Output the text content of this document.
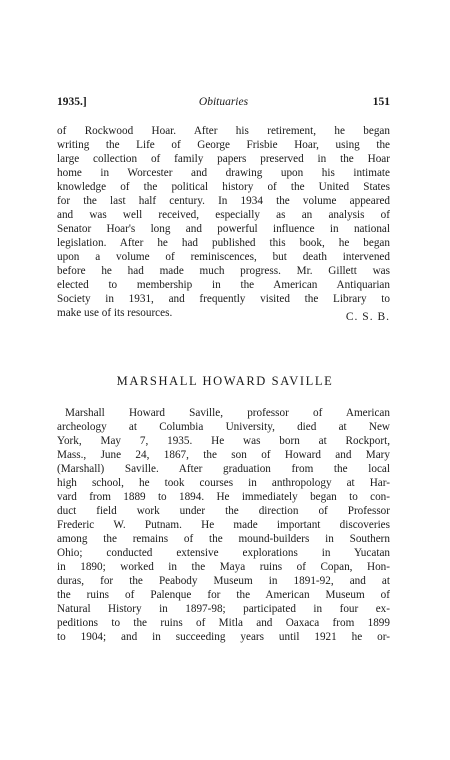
1935.]	Obituaries	151
of Rockwood Hoar. After his retirement, he began
writing the Life of George Frisbie Hoar, using the
large collection of family papers preserved in the Hoar
home in Worcester and drawing upon his intimate
knowledge of the political history of the United States
for the last half century. In 1934 the volume appeared
and was well received, especially as an analysis of
Senator Hoar's long and powerful influence in national
legislation. After he had published this book, he began
upon a volume of reminiscences, but death intervened
before he had made much progress. Mr. Gillett was
elected to membership in the American Antiquarian
Society in 1931, and frequently visited the Library to
make use of its resources.	C. S. B.
MARSHALL HOWARD SAVILLE
Marshall Howard Saville, professor of American
archeology at Columbia University, died at New
York, May 7, 1935. He was born at Rockport,
Mass., June 24, 1867, the son of Howard and Mary
(Marshall) Saville. After graduation from the local
high school, he took courses in anthropology at Har-
vard from 1889 to 1894. He immediately began to con-
duct field work under the direction of Professor
Frederic W. Putnam. He made important discoveries
among the remains of the mound-builders in Southern
Ohio; conducted extensive explorations in Yucatan
in 1890; worked in the Maya ruins of Copan, Hon-
duras, for the Peabody Museum in 1891-92, and at
the ruins of Palenque for the American Museum of
Natural History in 1897-98; participated in four ex-
peditions to the ruins of Mitla and Oaxaca from 1899
to 1904; and in succeeding years until 1921 he or-
